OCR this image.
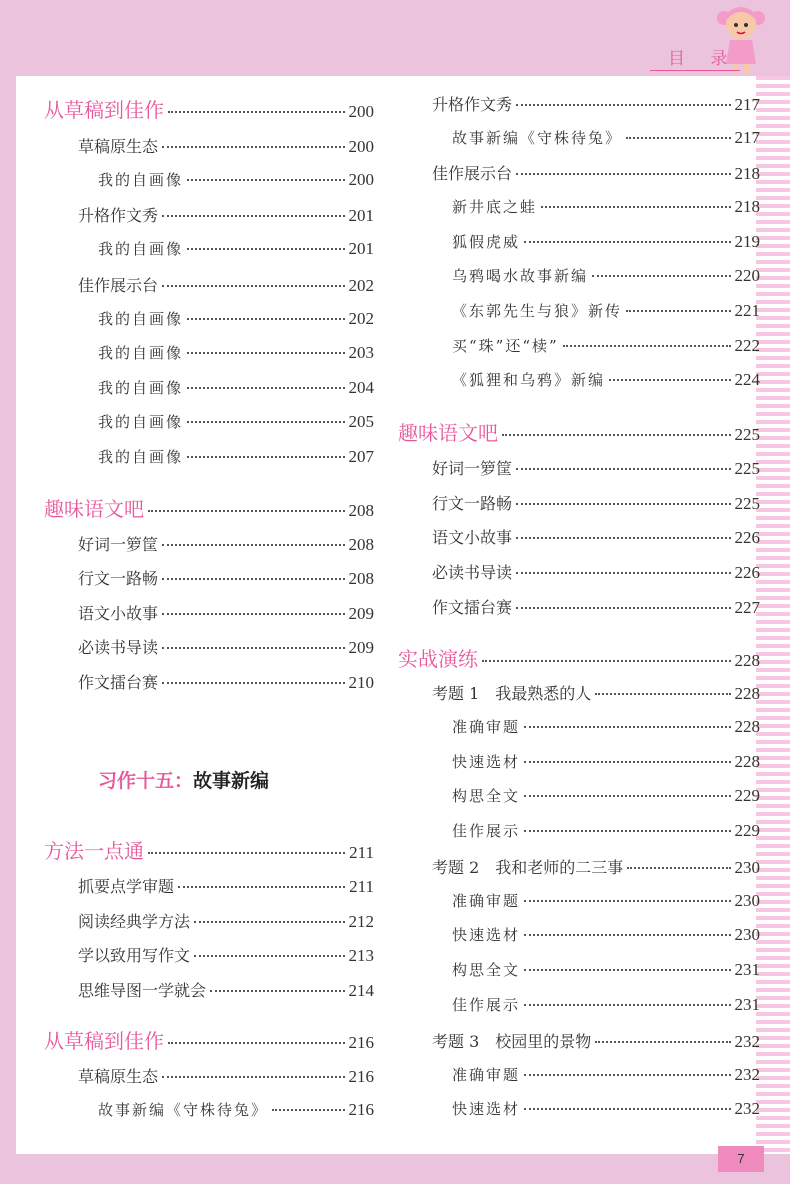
目 录
习作十五：故事新编
7
从草稿到佳作	200
草稿原生态	200
我的自画像	200
升格作文秀	201
我的自画像	201
佳作展示台	202
我的自画像	202
我的自画像	203
我的自画像	204
我的自画像	205
我的自画像	207
趣味语文吧	208
好词一箩筐	208
行文一路畅	208
语文小故事	209
必读书导读	209
作文擂台赛	210
方法一点通	211
抓要点学审题	211
阅读经典学方法	212
学以致用写作文	213
思维导图一学就会	214
从草稿到佳作	216
草稿原生态	216
故事新编《守株待兔》	216
升格作文秀	217
故事新编《守株待兔》	217
佳作展示台	218
新井底之蛙	218
狐假虎威	219
乌鸦喝水故事新编	220
《东郭先生与狼》新传	221
买“珠”还“椟”	222
《狐狸和乌鸦》新编	224
趣味语文吧	225
好词一箩筐	225
行文一路畅	225
语文小故事	226
必读书导读	226
作文擂台赛	227
实战演练	228
考题 1　我最熟悉的人	228
准确审题	228
快速选材	228
构思全文	229
佳作展示	229
考题 2　我和老师的二三事	230
准确审题	230
快速选材	230
构思全文	231
佳作展示	231
考题 3　校园里的景物	232
准确审题	232
快速选材	232
